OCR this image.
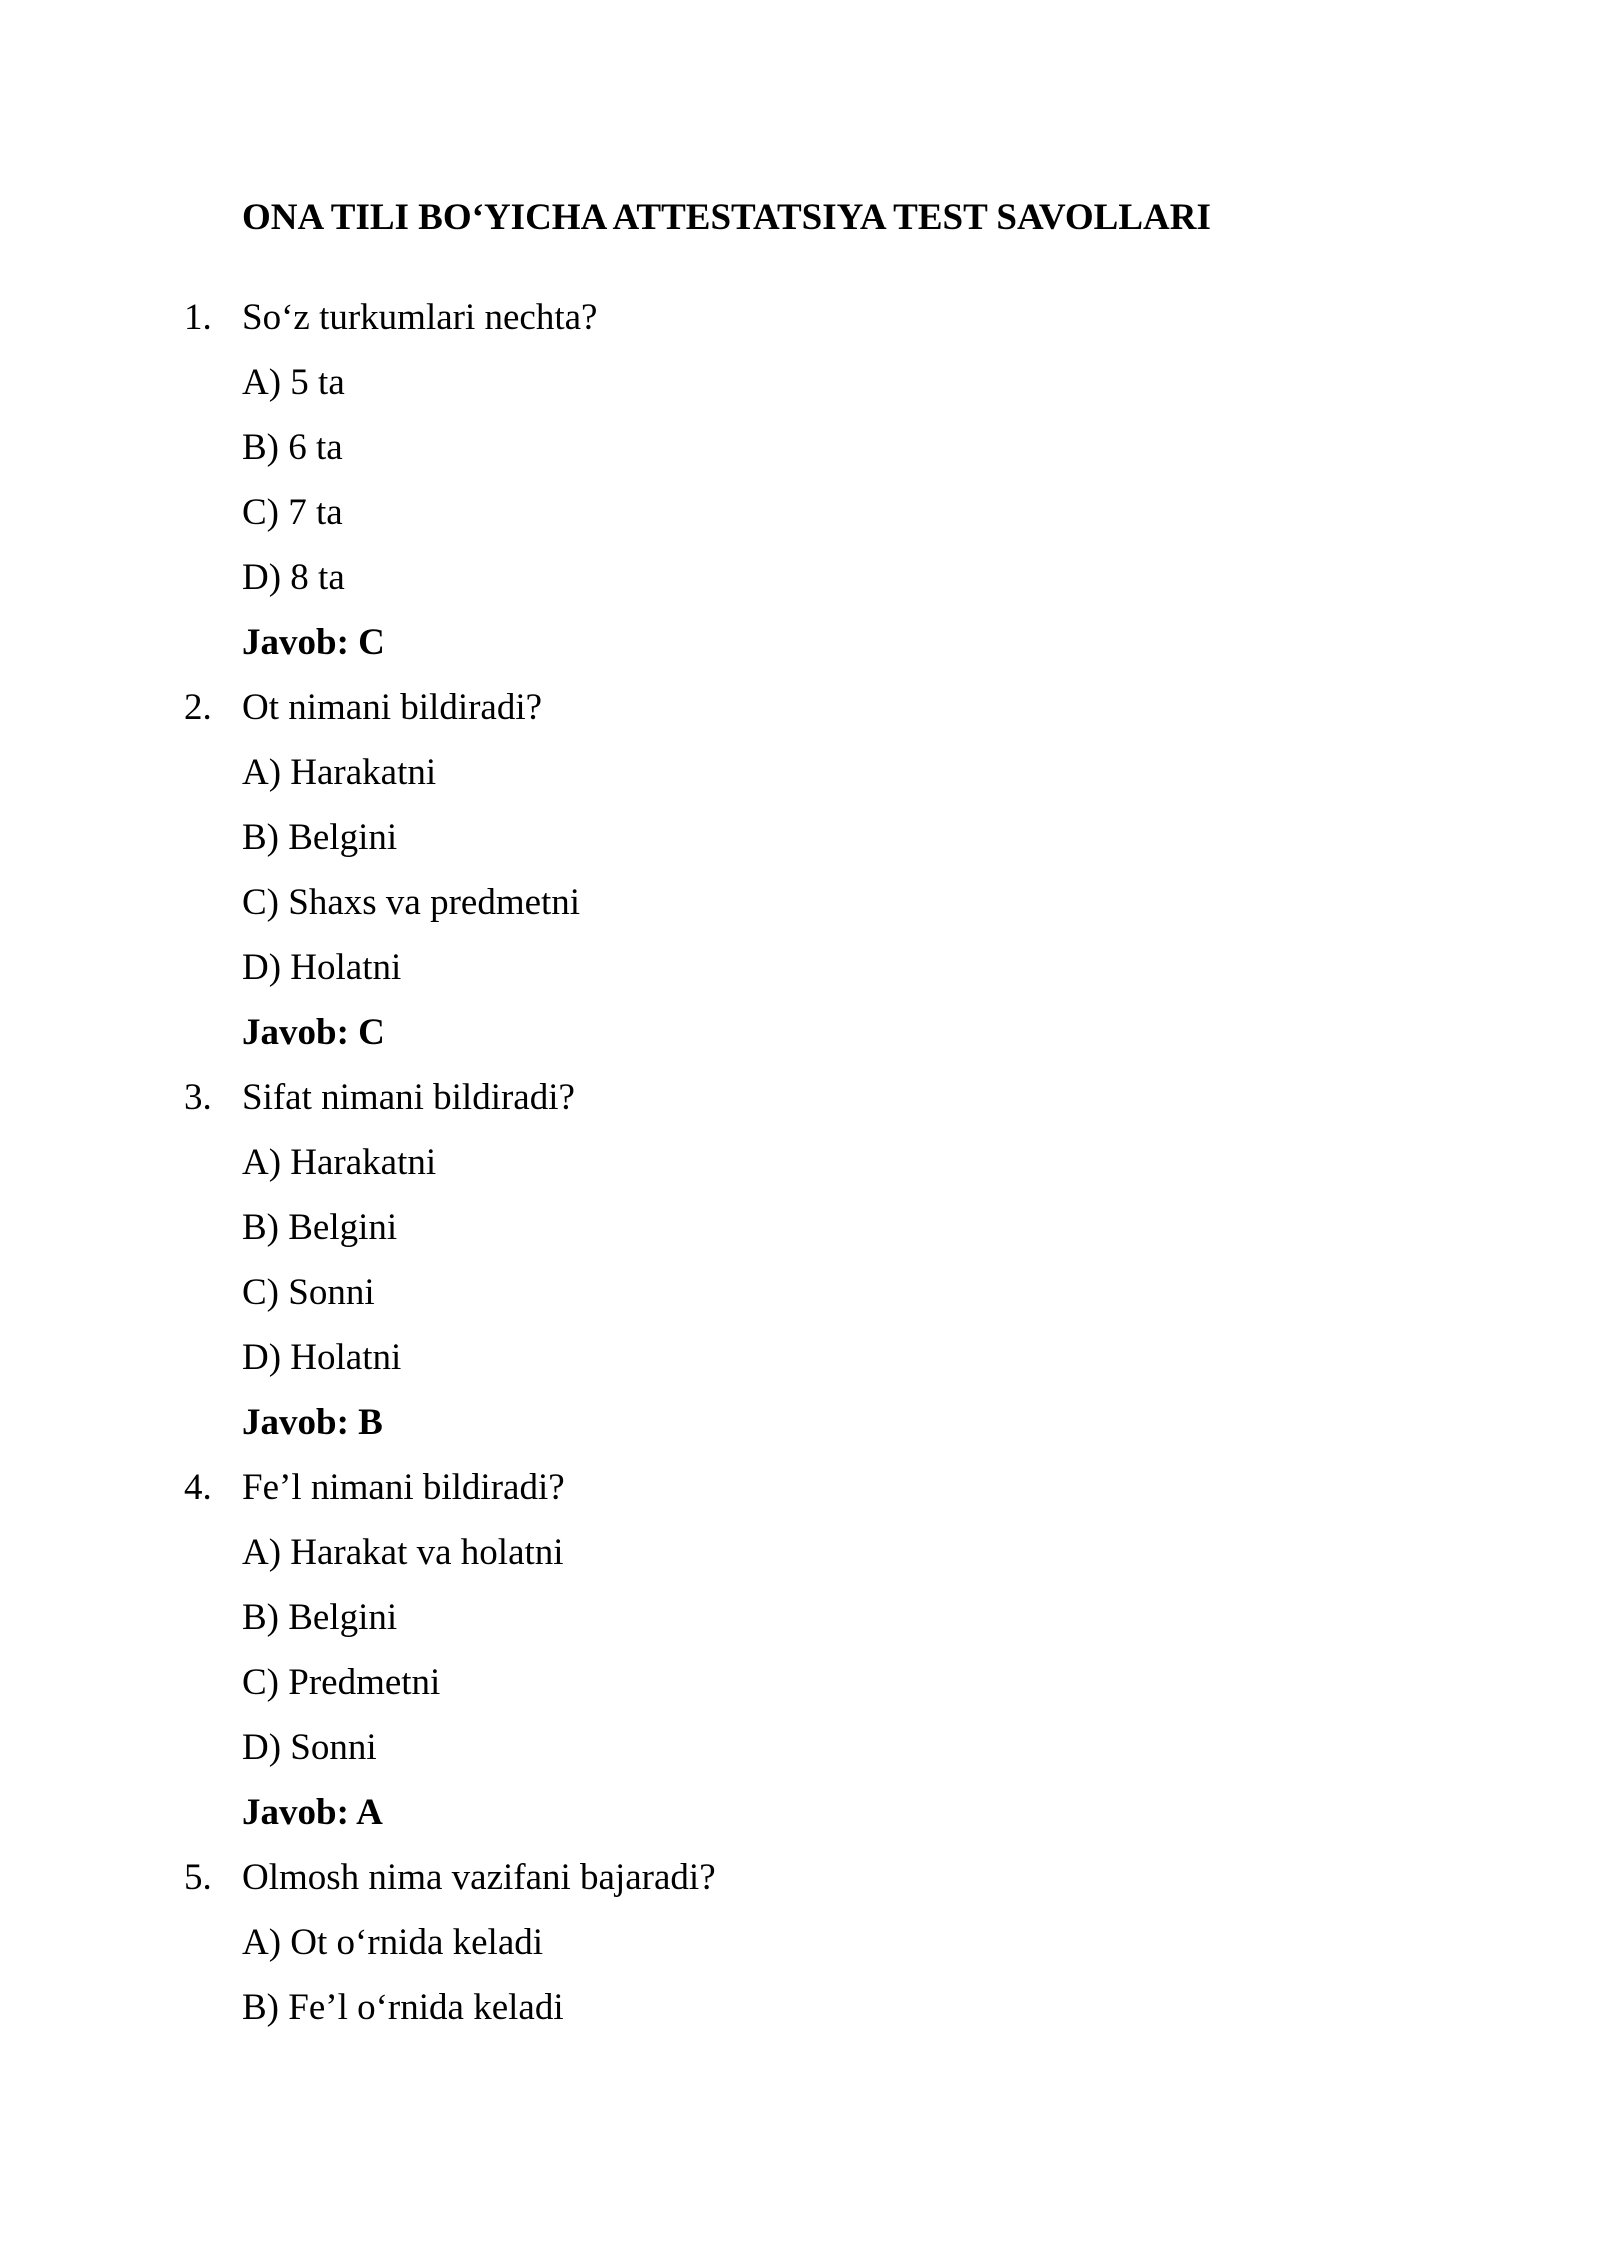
ONA TILI BO‘YICHA ATTESTATSIYA TEST SAVOLLARI
1. So‘z turkumlari nechta?
A) 5 ta
B) 6 ta
C) 7 ta
D) 8 ta
Javob: C
2. Ot nimani bildiradi?
A) Harakatni
B) Belgini
C) Shaxs va predmetni
D) Holatni
Javob: C
3. Sifat nimani bildiradi?
A) Harakatni
B) Belgini
C) Sonni
D) Holatni
Javob: B
4. Fe’l nimani bildiradi?
A) Harakat va holatni
B) Belgini
C) Predmetni
D) Sonni
Javob: A
5. Olmosh nima vazifani bajaradi?
A) Ot o‘rnida keladi
B) Fe’l o‘rnida keladi
